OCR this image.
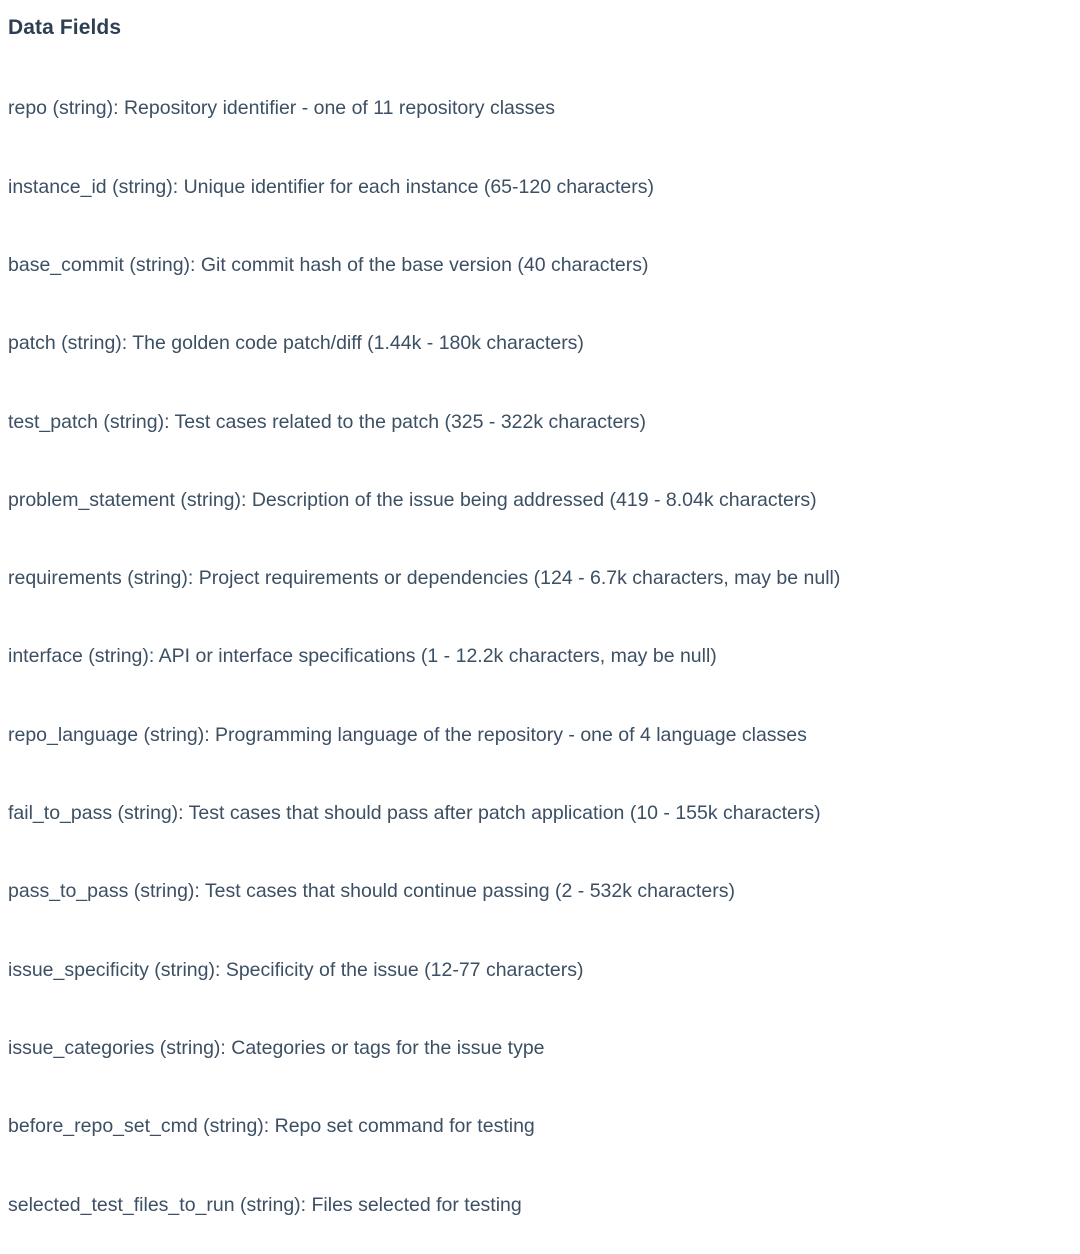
Data Fields
repo (string): Repository identifier - one of 11 repository classes
instance_id (string): Unique identifier for each instance (65-120 characters)
base_commit (string): Git commit hash of the base version (40 characters)
patch (string): The golden code patch/diff (1.44k - 180k characters)
test_patch (string): Test cases related to the patch (325 - 322k characters)
problem_statement (string): Description of the issue being addressed (419 - 8.04k characters)
requirements (string): Project requirements or dependencies (124 - 6.7k characters, may be null)
interface (string): API or interface specifications (1 - 12.2k characters, may be null)
repo_language (string): Programming language of the repository - one of 4 language classes
fail_to_pass (string): Test cases that should pass after patch application (10 - 155k characters)
pass_to_pass (string): Test cases that should continue passing (2 - 532k characters)
issue_specificity (string): Specificity of the issue (12-77 characters)
issue_categories (string): Categories or tags for the issue type
before_repo_set_cmd (string): Repo set command for testing
selected_test_files_to_run (string): Files selected for testing
